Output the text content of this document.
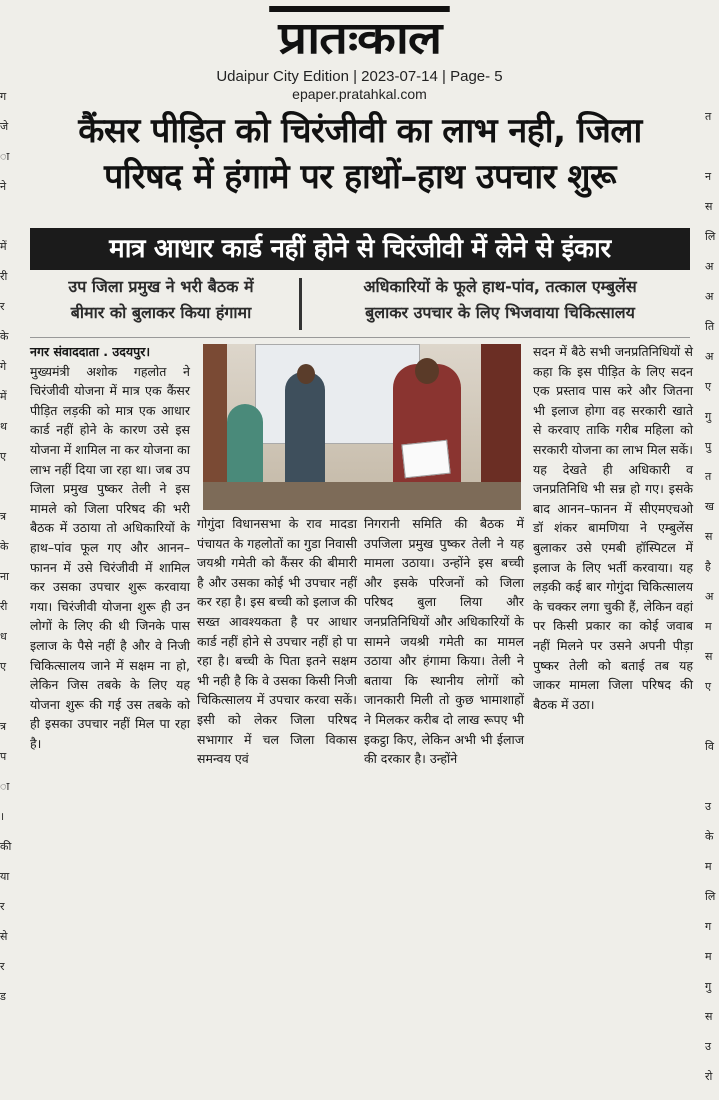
ग
जे
ा
ने
में
री
र
के
गे
में
थ
ए
त्र
के
ना
री
ध
ए
त्र
प
ा
।
की
या
र
से
र
ड
त
न
स
लि
अ
अ
ति
अ
ए
गु
पु
त
ख
स
है
अ
म
स
ए
वि
उ
के
म
लि
ग
म
गु
स
उ
रो
प्रातःकाल
Udaipur City Edition | 2023-07-14 | Page- 5
epaper.pratahkal.com
कैंसर पीड़ित को चिरंजीवी का लाभ नही, जिला
परिषद में हंगामे पर हाथों–हाथ उपचार शुरू
मात्र आधार कार्ड नहीं होने से चिरंजीवी में लेने से इंकार
उप जिला प्रमुख ने भरी बैठक में
बीमार को बुलाकर किया हंगामा
अधिकारियों के फूले हाथ-पांव, तत्काल एम्बुलेंस
बुलाकर उपचार के लिए भिजवाया चिकित्सालय

नगर संवाददाता . उदयपुर।

मुख्यमंत्री अशोक गहलोत ने चिरंजीवी योजना में मात्र एक कैंसर पीड़ित लड़की को मात्र एक आधार कार्ड नहीं होने के कारण उसे इस योजना में शामिल ना कर योजना का लाभ नहीं दिया जा रहा था। जब उप जिला प्रमुख पुष्कर तेली ने इस मामले को जिला परिषद की भरी बैठक में उठाया तो अधिकारियों के हाथ–पांव फूल गए और आनन–फानन में उसे चिरंजीवी में शामिल कर उसका उपचार शुरू करवाया गया। चिरंजीवी योजना शुरू ही उन लोगों के लिए की थी जिनके पास इलाज के पैसे नहीं है और वे निजी चिकित्सालय जाने में सक्षम ना हो, लेकिन जिस तबके के लिए यह योजना शुरू की गई उस तबके को ही इसका उपचार नहीं मिल पा रहा है।

गोगुंदा विधानसभा के राव मादडा पंचायत के गहलोतों का गुडा निवासी जयश्री गमेती को कैंसर की बीमारी है और उसका कोई भी उपचार नहीं कर रहा है। इस बच्ची को इलाज की सख्त आवश्यकता है पर आधार कार्ड नहीं होने से उपचार नहीं हो पा रहा है। बच्ची के पिता इतने सक्षम भी नही है कि वे उसका किसी निजी चिकित्सालय में उपचार करवा सकें। इसी को लेकर जिला परिषद सभागार में चल जिला विकास समन्वय एवं

निगरानी समिति की बैठक में उपजिला प्रमुख पुष्कर तेली ने यह मामला उठाया। उन्होंने इस बच्ची और इसके परिजनों को जिला परिषद बुला लिया और जनप्रतिनिधियों और अधिकारियों के सामने जयश्री गमेती का मामल उठाया और हंगामा किया। तेली ने बताया कि स्थानीय लोगों को जानकारी मिली तो कुछ भामाशाहों ने मिलकर करीब दो लाख रूपए भी इकट्ठा किए, लेकिन अभी भी ईलाज की दरकार है। उन्होंने

सदन में बैठे सभी जनप्रतिनिधियों से कहा कि इस पीड़ित के लिए सदन एक प्रस्ताव पास करे और जितना भी इलाज होगा वह सरकारी खाते से करवाए ताकि गरीब महिला को सरकारी योजना का लाभ मिल सकें। यह देखते ही अधिकारी व जनप्रतिनिधि भी सन्न हो गए। इसके बाद आनन–फानन में सीएमएचओ डॉ शंकर बामणिया ने एम्बुलेंस बुलाकर उसे एमबी हॉस्पिटल में इलाज के लिए भर्ती करवाया। यह लड़की कई बार गोगुंदा चिकित्सालय के चक्कर लगा चुकी हैं, लेकिन वहां पर किसी प्रकार का कोई जवाब नहीं मिलने पर उसने अपनी पीड़ा पुष्कर तेली को बताई तब यह जाकर मामला जिला परिषद की बैठक में उठा।
